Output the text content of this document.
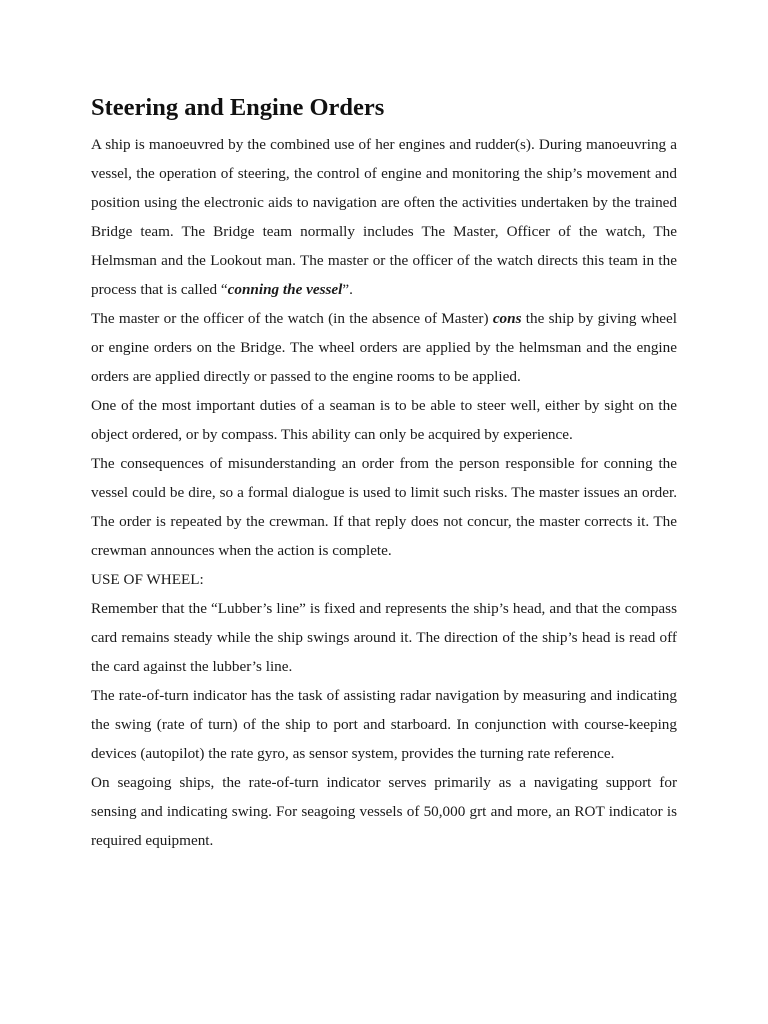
Steering and Engine Orders

A ship is manoeuvred by the combined use of her engines and rudder(s). During manoeuvring a vessel, the operation of steering, the control of engine and monitoring the ship’s movement and position using the electronic aids to navigation are often the activities undertaken by the trained Bridge team. The Bridge team normally includes The Master, Officer of the watch, The Helmsman and the Lookout man. The master or the officer of the watch directs this team in the process that is called “conning the vessel”.

The master or the officer of the watch (in the absence of Master) cons the ship by giving wheel or engine orders on the Bridge. The wheel orders are applied by the helmsman and the engine orders are applied directly or passed to the engine rooms to be applied.

One of the most important duties of a seaman is to be able to steer well, either by sight on the object ordered, or by compass. This ability can only be acquired by experience.

The consequences of misunderstanding an order from the person responsible for conning the vessel could be dire, so a formal dialogue is used to limit such risks. The master issues an order. The order is repeated by the crewman. If that reply does not concur, the master corrects it. The crewman announces when the action is complete.

USE OF WHEEL:

Remember that the “Lubber’s line” is fixed and represents the ship’s head, and that the compass card remains steady while the ship swings around it. The direction of the ship’s head is read off the card against the lubber’s line.

The rate-of-turn indicator has the task of assisting radar navigation by measuring and indicating the swing (rate of turn) of the ship to port and starboard. In conjunction with course-keeping devices (autopilot) the rate gyro, as sensor system, provides the turning rate reference.

On seagoing ships, the rate-of-turn indicator serves primarily as a navigating support for sensing and indicating swing. For seagoing vessels of 50,000 grt and more, an ROT indicator is required equipment.
